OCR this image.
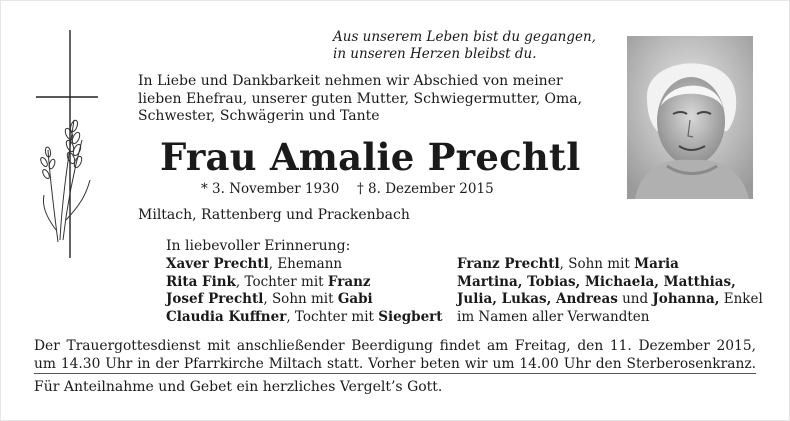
Aus unserem Leben bist du gegangen,
in unseren Herzen bleibst du.
In Liebe und Dankbarkeit nehmen wir Abschied von meiner
lieben Ehefrau, unserer guten Mutter, Schwiegermutter, Oma,
Schwester, Schwägerin und Tante
Frau Amalie Prechtl
* 3. November 1930 † 8. Dezember 2015
Miltach, Rattenberg und Prackenbach
In liebevoller Erinnerung:
Xaver Prechtl, Ehemann
Rita Fink, Tochter mit Franz
Josef Prechtl, Sohn mit Gabi
Claudia Kuffner, Tochter mit Siegbert
Franz Prechtl, Sohn mit Maria
Martina, Tobias, Michaela, Matthias,
Julia, Lukas, Andreas und Johanna, Enkel
im Namen aller Verwandten
Der Trauergottesdienst mit anschließender Beerdigung findet am Freitag, den 11. Dezember 2015,
um 14.30 Uhr in der Pfarrkirche Miltach statt. Vorher beten wir um 14.00 Uhr den Sterberosenkranz.
Für Anteilnahme und Gebet ein herzliches Vergelt’s Gott.
